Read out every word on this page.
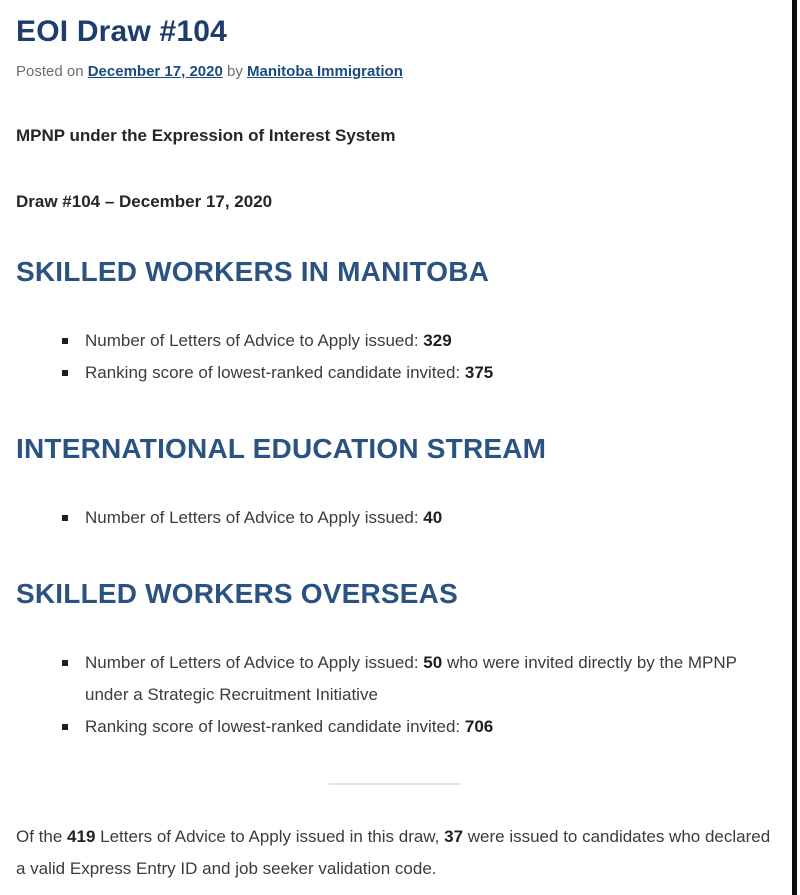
EOI Draw #104

Posted on December 17, 2020 by Manitoba Immigration

MPNP under the Expression of Interest System

Draw #104 – December 17, 2020

SKILLED WORKERS IN MANITOBA
Number of Letters of Advice to Apply issued: 329
Ranking score of lowest-ranked candidate invited: 375
INTERNATIONAL EDUCATION STREAM
Number of Letters of Advice to Apply issued: 40
SKILLED WORKERS OVERSEAS
Number of Letters of Advice to Apply issued: 50 who were invited directly by the MPNP under a Strategic Recruitment Initiative
Ranking score of lowest-ranked candidate invited: 706

Of the 419 Letters of Advice to Apply issued in this draw, 37 were issued to candidates who declared a valid Express Entry ID and job seeker validation code.
